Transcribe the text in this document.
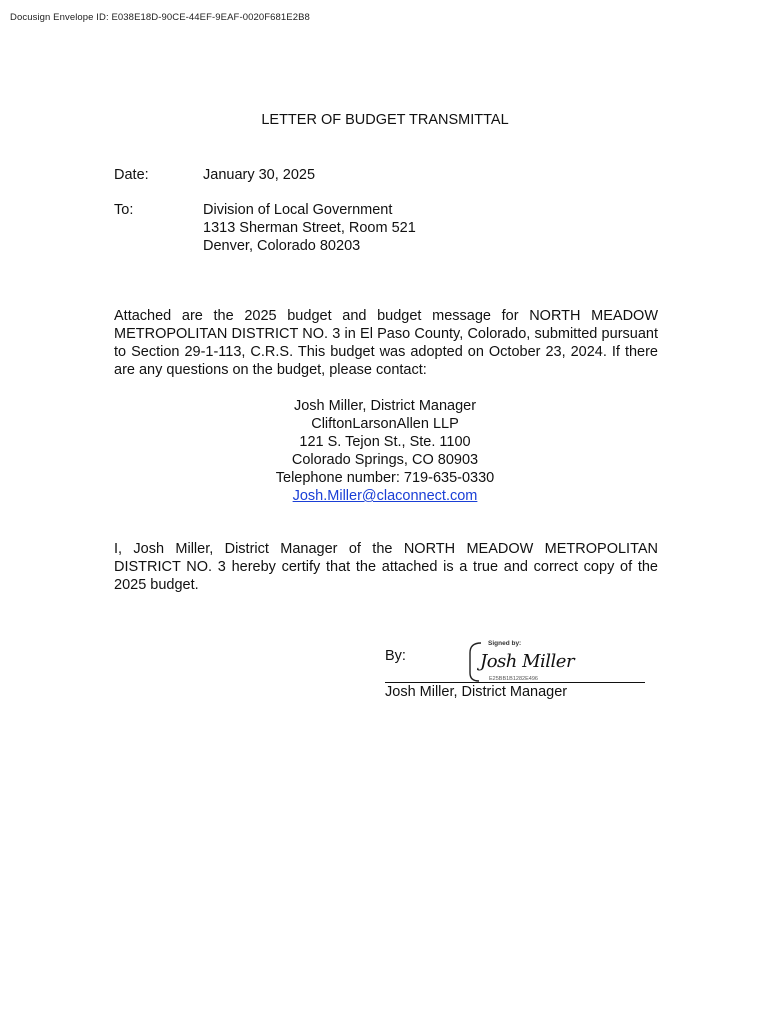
Docusign Envelope ID: E038E18D-90CE-44EF-9EAF-0020F681E2B8
LETTER OF BUDGET TRANSMITTAL
Date:	January 30, 2025
To:	Division of Local Government
1313 Sherman Street, Room 521
Denver, Colorado 80203
Attached are the 2025 budget and budget message for NORTH MEADOW METROPOLITAN DISTRICT NO. 3 in El Paso County, Colorado, submitted pursuant to Section 29-1-113, C.R.S. This budget was adopted on October 23, 2024. If there are any questions on the budget, please contact:
Josh Miller, District Manager
CliftonLarsonAllen LLP
121 S. Tejon St., Ste. 1100
Colorado Springs, CO 80903
Telephone number: 719-635-0330
Josh.Miller@claconnect.com
I, Josh Miller, District Manager of the NORTH MEADOW METROPOLITAN DISTRICT NO. 3 hereby certify that the attached is a true and correct copy of the 2025 budget.
By:
Signed by:
Josh Miller
E25BB1B1282E496
Josh Miller, District Manager
